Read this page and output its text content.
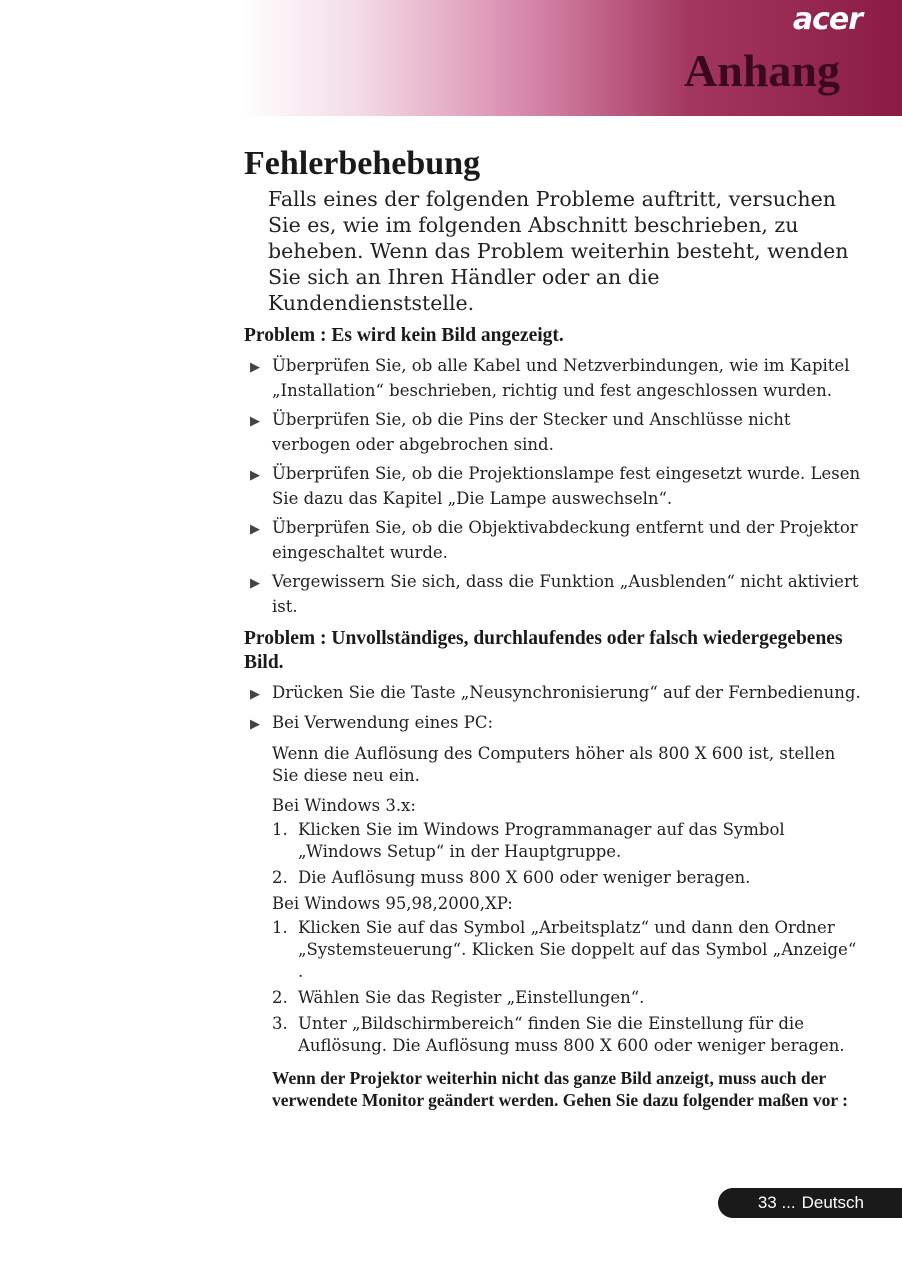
acer
Anhang
Fehlerbehebung
Falls eines der folgenden Probleme auftritt, versuchen Sie es, wie im folgenden Abschnitt beschrieben, zu beheben. Wenn das Problem weiterhin besteht, wenden Sie sich an Ihren Händler oder an die Kundendienststelle.
Problem : Es wird kein Bild angezeigt.
▶ Überprüfen Sie, ob alle Kabel und Netzverbindungen, wie im Kapitel „Installation“ beschrieben, richtig und fest angeschlossen wurden.
▶ Überprüfen Sie, ob die Pins der Stecker und Anschlüsse nicht verbogen oder abgebrochen sind.
▶ Überprüfen Sie, ob die Projektionslampe fest eingesetzt wurde. Lesen Sie dazu das Kapitel „Die Lampe auswechseln“.
▶ Überprüfen Sie, ob die Objektivabdeckung entfernt und der Projektor eingeschaltet wurde.
▶ Vergewissern Sie sich, dass die Funktion „Ausblenden“ nicht aktiviert ist.
Problem : Unvollständiges, durchlaufendes oder falsch wiedergegebenes Bild.
▶ Drücken Sie die Taste „Neusynchronisierung“ auf der Fernbedienung.
▶ Bei Verwendung eines PC:
Wenn die Auflösung des Computers höher als 800 X 600 ist, stellen Sie diese neu ein.
Bei Windows 3.x:
1. Klicken Sie im Windows Programmanager auf das Symbol „Windows Setup“ in der Hauptgruppe.
2. Die Auflösung muss 800 X 600 oder weniger beragen.
Bei Windows 95,98,2000,XP:
1. Klicken Sie auf das Symbol „Arbeitsplatz“ und dann den Ordner „Systemsteuerung“. Klicken Sie doppelt auf das Symbol „Anzeige“ .
2. Wählen Sie das Register „Einstellungen“.
3. Unter „Bildschirmbereich“ finden Sie die Einstellung für die Auflösung. Die Auflösung muss 800 X 600 oder weniger beragen.
Wenn der Projektor weiterhin nicht das ganze Bild anzeigt, muss auch der verwendete Monitor geändert werden. Gehen Sie dazu folgender maßen vor :
33 ... Deutsch
